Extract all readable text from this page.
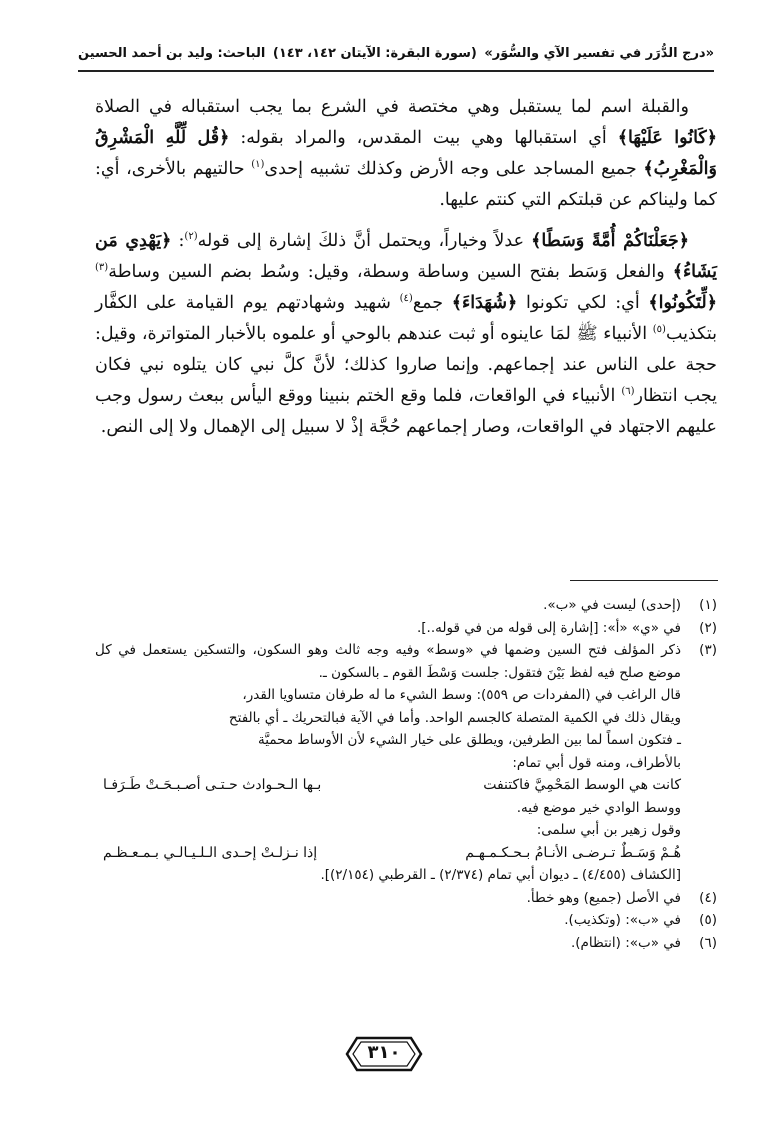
الباحث: وليد بن أحمد الحسين (سورة البقرة: الآيتان ١٤٢، ١٤٣) «درج الدُّرَر في تفسير الآي والسُّوَر»

والقبلة اسم لما يستقبل وهي مختصة في الشرع بما يجب استقباله في الصلاة ﴿كَانُوا عَلَيْهَا﴾ أي استقبالها وهي بيت المقدس، والمراد بقوله: ﴿قُل لِّلَّهِ الْمَشْرِقُ وَالْمَغْرِبُ﴾ جميع المساجد على وجه الأرض وكذلك تشبيه إحدى$^{(١)}$ حالتيهم بالأخرى، أي: كما وليناكم عن قبلتكم التي كنتم عليها.

﴿جَعَلْنَاكُمْ أُمَّةً وَسَطًا﴾ عدلاً وخياراً، ويحتمل أنَّ ذلكَ إشارة إلى قوله$^{(٢)}$: ﴿يَهْدِي مَن يَشَاءُ﴾ والفعل وَسَط بفتح السين وساطة وسطة، وقيل: وسُط بضم السين وساطة$^{(٣)}$ ﴿لِّتَكُونُوا﴾ أي: لكي تكونوا ﴿شُهَدَاءَ﴾ جمع$^{(٤)}$ شهيد وشهادتهم يوم القيامة على الكفَّار بتكذيب$^{(٥)}$ الأنبياء ﷺ لمَا عاينوه أو ثبت عندهم بالوحي أو علموه بالأخبار المتواترة، وقيل: حجة على الناس عند إجماعهم. وإنما صاروا كذلك؛ لأنَّ كلَّ نبي كان يتلوه نبي فكان يجب انتظار$^{(٦)}$ الأنبياء في الواقعات، فلما وقع الختم بنبينا ووقع اليأس ببعث رسول وجب عليهم الاجتهاد في الواقعات، وصار إجماعهم حُجَّة إذْ لا سبيل إلى الإهمال ولا إلى النص.

(١)
(إحدى) ليست في «ب».
(٢)
في «ي» «أ»: [إشارة إلى قوله من في قوله..].
(٣)
ذكر المؤلف فتح السين وضمها في «وسط» وفيه وجه ثالث وهو السكون، والتسكين يستعمل في كل موضع صلح فيه لفظ بَيْنَ فتقول: جلست وَسْطَ القوم ـ بالسكون ـ.
قال الراغب في (المفردات ص ٥٥٩): وسط الشيء ما له طرفان متساويا القدر،
ويقال ذلك في الكمية المتصلة كالجسم الواحد. وأما في الآية فبالتحريك ـ أي بالفتح
ـ فتكون اسماً لما بين الطرفين، ويطلق على خيار الشيء لأن الأوساط محميَّة
بالأطراف، ومنه قول أبي تمام:
كانت هي الوسط المَحْمِيَّ فاكتنفت
بـها الـحـوادث حـتـى أصـبـحَـتْ طَـرَفـا
ووسط الوادي خير موضع فيه.
وقول زهير بن أبي سلمى:
هُـمْ وَسَـطٌ تـرضـى الأنـامُ بـحـكـمـهـم
إذا نـزلـتْ إحـدى الـلـيـالـي بـمـعـظـم
[الكشاف (٤/٤٥٥) ـ ديوان أبي تمام (٢/٣٧٤) ـ القرطبي (٢/١٥٤)].
(٤)
في الأصل (جميع) وهو خطأ.
(٥)
في «ب»: (وتكذيب).
(٦)
في «ب»: (انتظام).
٣١٠
